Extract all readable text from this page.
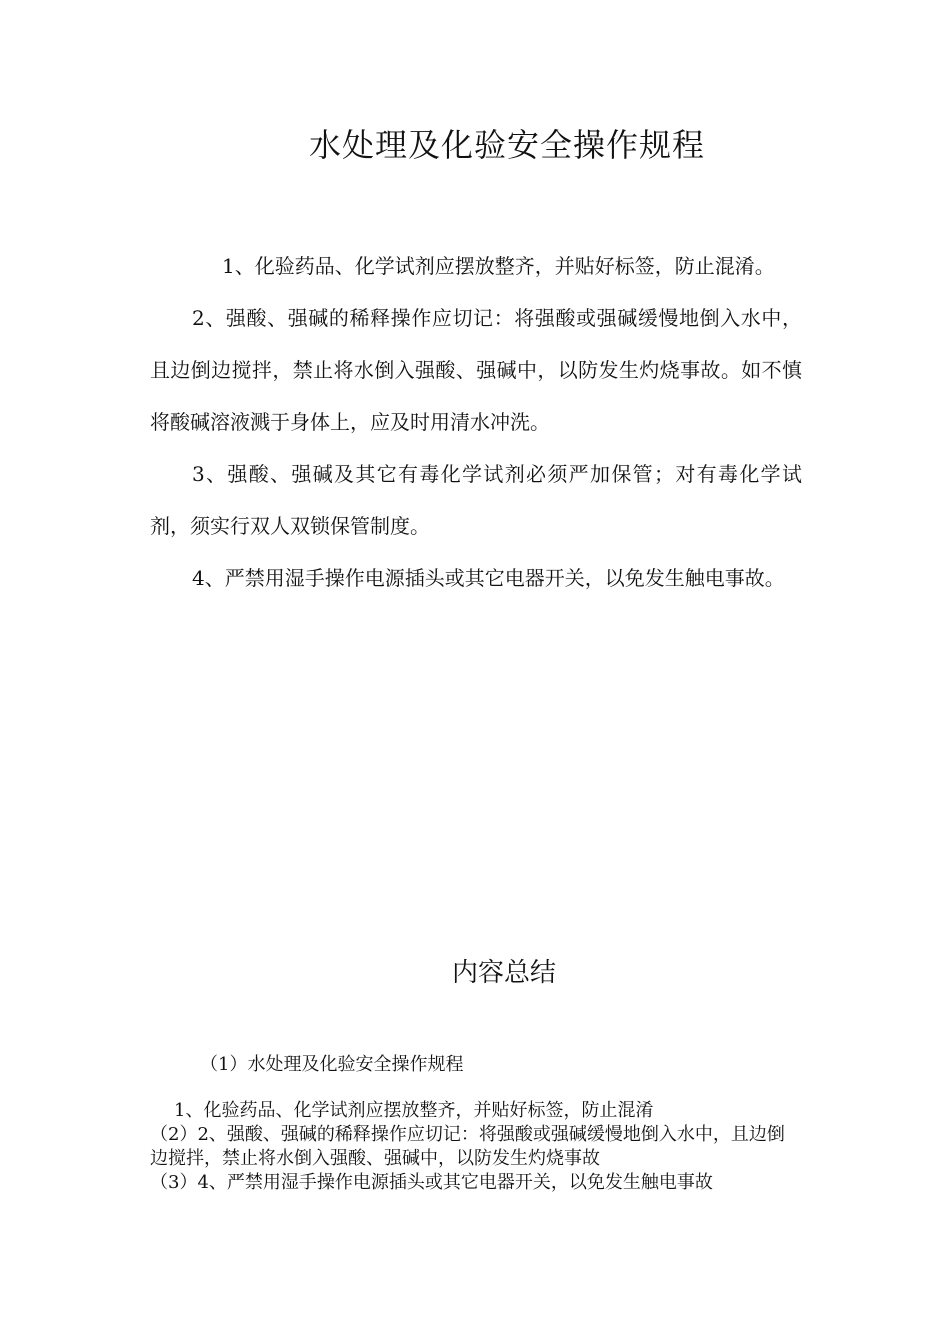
水处理及化验安全操作规程

1、化验药品、化学试剂应摆放整齐，并贴好标签，防止混淆。

2、强酸、强碱的稀释操作应切记：将强酸或强碱缓慢地倒入水中，且边倒边搅拌，禁止将水倒入强酸、强碱中，以防发生灼烧事故。如不慎将酸碱溶液溅于身体上，应及时用清水冲洗。

3、强酸、强碱及其它有毒化学试剂必须严加保管；对有毒化学试剂，须实行双人双锁保管制度。

4、严禁用湿手操作电源插头或其它电器开关，以免发生触电事故。

内容总结
（1）水处理及化验安全操作规程

1、化验药品、化学试剂应摆放整齐，并贴好标签，防止混淆

（2）2、强酸、强碱的稀释操作应切记：将强酸或强碱缓慢地倒入水中，且边倒边搅拌，禁止将水倒入强酸、强碱中，以防发生灼烧事故

（3）4、严禁用湿手操作电源插头或其它电器开关，以免发生触电事故
